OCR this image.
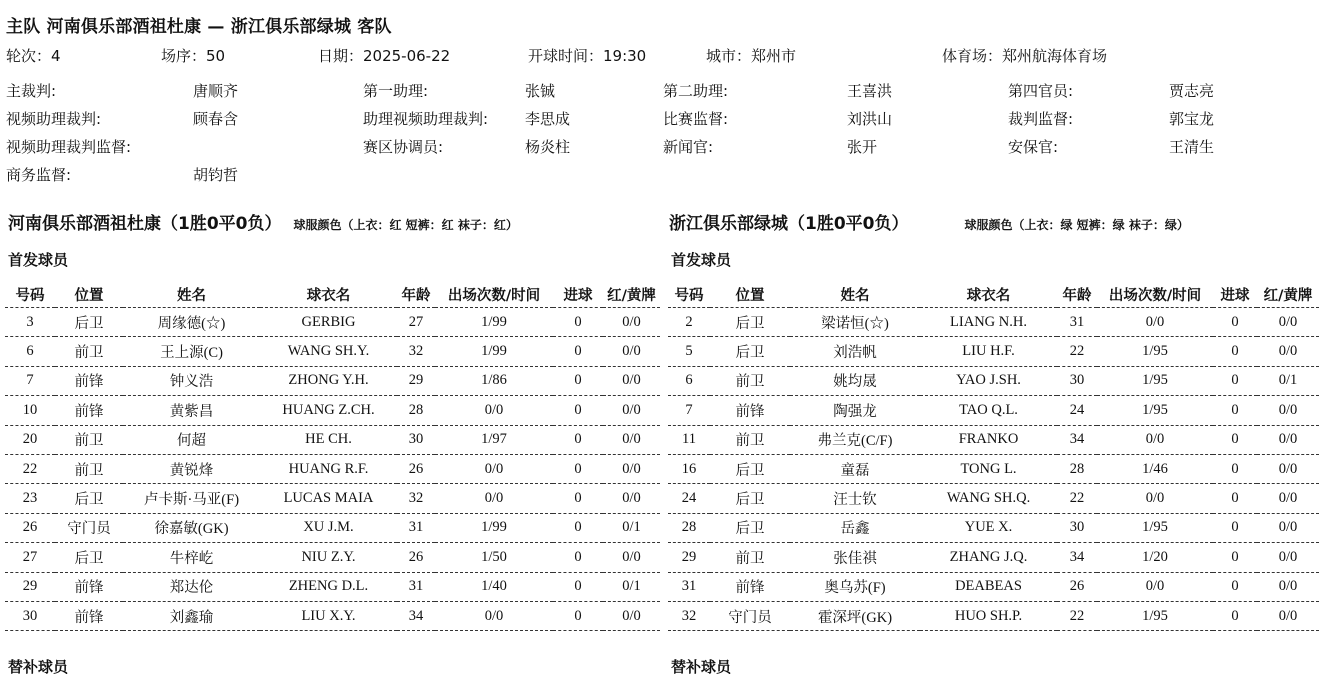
主队 河南俱乐部酒祖杜康 — 浙江俱乐部绿城 客队
轮次：4	场序：50	日期：2025-06-22	开球时间：19:30	城市：郑州市	体育场：郑州航海体育场
主裁判:	唐顺齐	第一助理:	张铖	第二助理:	王喜洪	第四官员:	贾志亮
视频助理裁判:	顾春含	助理视频助理裁判: 李思成	比赛监督:	刘洪山	裁判监督:	郭宝龙
视频助理裁判监督:	赛区协调员:	杨炎柱	新闻官:	张开	安保官:	王清生
商务监督:	胡钧哲
河南俱乐部酒祖杜康（1胜0平0负） 球服颜色（上衣：红 短裤：红 袜子：红）	浙江俱乐部绿城（1胜0平0负）	球服颜色（上衣：绿 短裤：绿 袜子：绿）
首发球员	首发球员
号码	位置	姓名	球衣名	年龄	出场次数/时间	进球	红/黄牌
3	后卫	周缘德(☆)	GERBIG	27	1/99	0	0/0
6	前卫	王上源(C)	WANG SH.Y.	32	1/99	0	0/0
7	前锋	钟义浩	ZHONG Y.H.	29	1/86	0	0/0
10	前锋	黄紫昌	HUANG Z.CH.	28	0/0	0	0/0
20	前卫	何超	HE CH.	30	1/97	0	0/0
22	前卫	黄锐烽	HUANG R.F.	26	0/0	0	0/0
23	后卫	卢卡斯·马亚(F)	LUCAS MAIA	32	0/0	0	0/0
26	守门员	徐嘉敏(GK)	XU J.M.	31	1/99	0	0/1
27	后卫	牛梓屹	NIU Z.Y.	26	1/50	0	0/0
29	前锋	郑达伦	ZHENG D.L.	31	1/40	0	0/1
30	前锋	刘鑫瑜	LIU X.Y.	34	0/0	0	0/0
号码	位置	姓名	球衣名	年龄	出场次数/时间	进球	红/黄牌
2	后卫	梁诺恒(☆)	LIANG N.H.	31	0/0	0	0/0
5	后卫	刘浩帆	LIU H.F.	22	1/95	0	0/0
6	前卫	姚均晟	YAO J.SH.	30	1/95	0	0/1
7	前锋	陶强龙	TAO Q.L.	24	1/95	0	0/0
11	前卫	弗兰克(C/F)	FRANKO	34	0/0	0	0/0
16	后卫	童磊	TONG L.	28	1/46	0	0/0
24	后卫	汪士钦	WANG SH.Q.	22	0/0	0	0/0
28	后卫	岳鑫	YUE X.	30	1/95	0	0/0
29	前卫	张佳祺	ZHANG J.Q.	34	1/20	0	0/0
31	前锋	奥乌苏(F)	DEABEAS	26	0/0	0	0/0
32	守门员	霍深坪(GK)	HUO SH.P.	22	1/95	0	0/0
替补球员	替补球员
